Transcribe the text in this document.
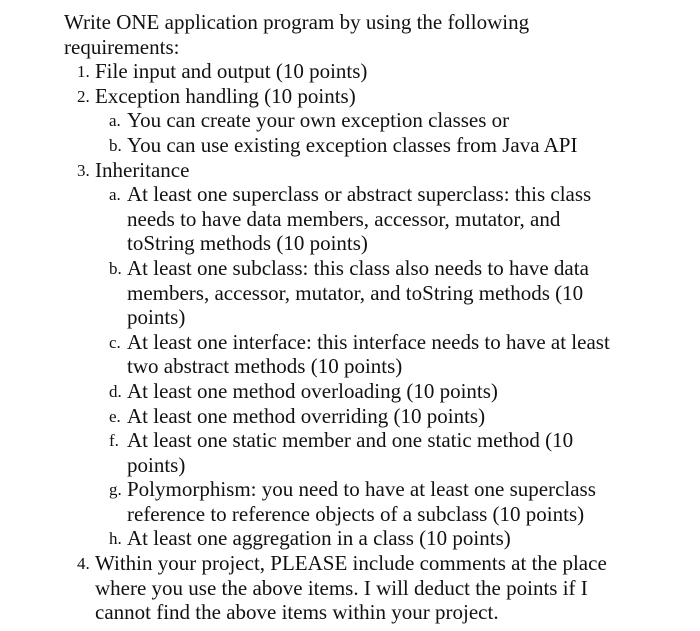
Write ONE application program by using the following
requirements:
1. File input and output (10 points)
2. Exception handling (10 points)
a. You can create your own exception classes or
b. You can use existing exception classes from Java API
3. Inheritance
a. At least one superclass or abstract superclass: this class
needs to have data members, accessor, mutator, and
toString methods (10 points)
b. At least one subclass: this class also needs to have data
members, accessor, mutator, and toString methods (10
points)
c. At least one interface: this interface needs to have at least
two abstract methods (10 points)
d. At least one method overloading (10 points)
e. At least one method overriding (10 points)
f. At least one static member and one static method (10
points)
g. Polymorphism: you need to have at least one superclass
reference to reference objects of a subclass (10 points)
h. At least one aggregation in a class (10 points)
4. Within your project, PLEASE include comments at the place
where you use the above items. I will deduct the points if I
cannot find the above items within your project.
